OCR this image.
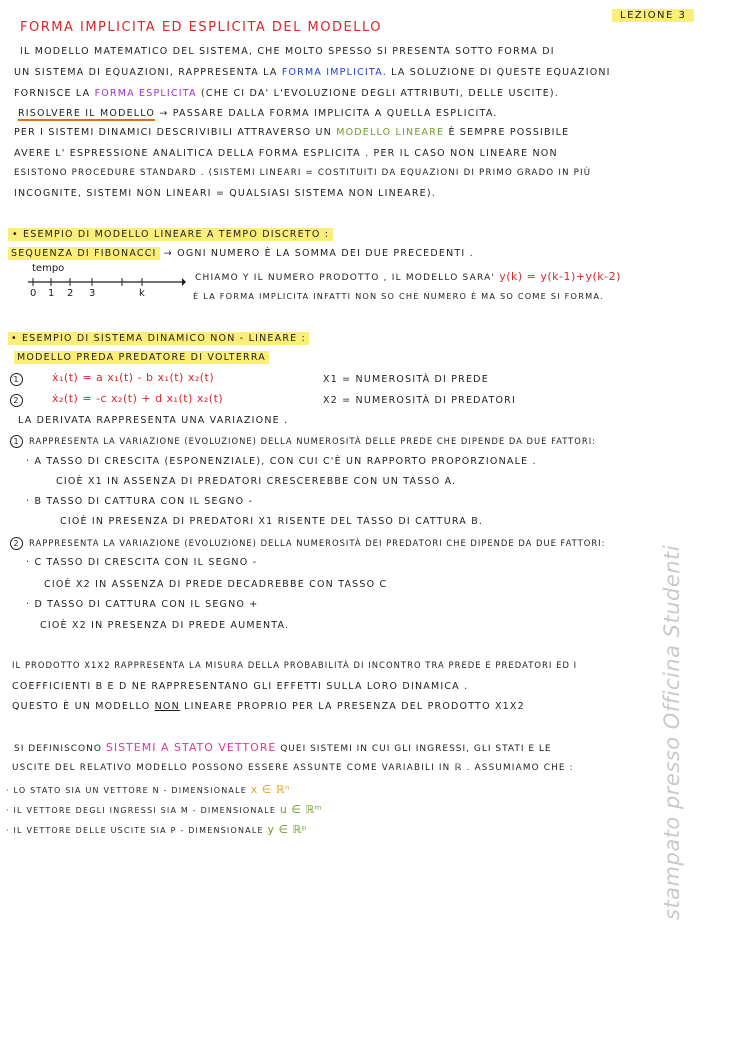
FORMA IMPLICITA ED ESPLICITA DEL MODELLO
LEZIONE 3
IL MODELLO MATEMATICO DEL SISTEMA, CHE MOLTO SPESSO SI PRESENTA SOTTO FORMA DI
UN SISTEMA DI EQUAZIONI, RAPPRESENTA LA FORMA IMPLICITA. LA SOLUZIONE DI QUESTE EQUAZIONI
FORNISCE LA FORMA ESPLICITA (CHE CI DA' L'EVOLUZIONE DEGLI ATTRIBUTI, DELLE USCITE).
RISOLVERE IL MODELLO → PASSARE DALLA FORMA IMPLICITA A QUELLA ESPLICITA.
PER I SISTEMI DINAMICI DESCRIVIBILI ATTRAVERSO UN MODELLO LINEARE È SEMPRE POSSIBILE
AVERE L' ESPRESSIONE ANALITICA DELLA FORMA ESPLICITA . PER IL CASO NON LINEARE NON
ESISTONO PROCEDURE STANDARD . (SISTEMI LINEARI = COSTITUITI DA EQUAZIONI DI PRIMO GRADO IN PIÙ
INCOGNITE, SISTEMI NON LINEARI = QUALSIASI SISTEMA NON LINEARE).
• ESEMPIO DI MODELLO LINEARE A TEMPO DISCRETO :
SEQUENZA DI FIBONACCI → OGNI NUMERO È LA SOMMA DEI DUE PRECEDENTI .
tempo
0 1 2 3	k
CHIAMO Y IL NUMERO PRODOTTO , IL MODELLO SARA' y(k) = y(k-1)+y(k-2)
È LA FORMA IMPLICITA INFATTI NON SO CHE NUMERO È MA SO COME SI FORMA.
• ESEMPIO DI SISTEMA DINAMICO NON - LINEARE :
MODELLO PREDA PREDATORE DI VOLTERRA
1	ẋ₁(t) = a x₁(t) - b x₁(t) x₂(t)	X1 = NUMEROSITÀ DI PREDE
2	ẋ₂(t) = -c x₂(t) + d x₁(t) x₂(t)	X2 = NUMEROSITÀ DI PREDATORI
LA DERIVATA RAPPRESENTA UNA VARIAZIONE .
1 RAPPRESENTA LA VARIAZIONE (EVOLUZIONE) DELLA NUMEROSITÀ DELLE PREDE CHE DIPENDE DA DUE FATTORI:
· A TASSO DI CRESCITA (ESPONENZIALE), CON CUI C'È UN RAPPORTO PROPORZIONALE .
CIOÈ X1 IN ASSENZA DI PREDATORI CRESCEREBBE CON UN TASSO A.
· B TASSO DI CATTURA CON IL SEGNO -
CIOÈ IN PRESENZA DI PREDATORI X1 RISENTE DEL TASSO DI CATTURA B.
2 RAPPRESENTA LA VARIAZIONE (EVOLUZIONE) DELLA NUMEROSITÀ DEI PREDATORI CHE DIPENDE DA DUE FATTORI:
· C TASSO DI CRESCITA CON IL SEGNO -
CIOÈ X2 IN ASSENZA DI PREDE DECADREBBE CON TASSO C
· D TASSO DI CATTURA CON IL SEGNO +
CIOÈ X2 IN PRESENZA DI PREDE AUMENTA.
IL PRODOTTO X1X2 RAPPRESENTA LA MISURA DELLA PROBABILITÀ DI INCONTRO TRA PREDE E PREDATORI ED I
COEFFICIENTI B E D NE RAPPRESENTANO GLI EFFETTI SULLA LORO DINAMICA .
QUESTO È UN MODELLO NON LINEARE PROPRIO PER LA PRESENZA DEL PRODOTTO X1X2
SI DEFINISCONO SISTEMI A STATO VETTORE QUEI SISTEMI IN CUI GLI INGRESSI, GLI STATI E LE
USCITE DEL RELATIVO MODELLO POSSONO ESSERE ASSUNTE COME VARIABILI IN ℝ . ASSUMIAMO CHE :
· LO STATO SIA UN VETTORE N - DIMENSIONALE x ∈ ℝⁿ
· IL VETTORE DEGLI INGRESSI SIA M - DIMENSIONALE u ∈ ℝᵐ
· IL VETTORE DELLE USCITE SIA P - DIMENSIONALE y ∈ ℝᵖ	stampato presso Officina Studenti
